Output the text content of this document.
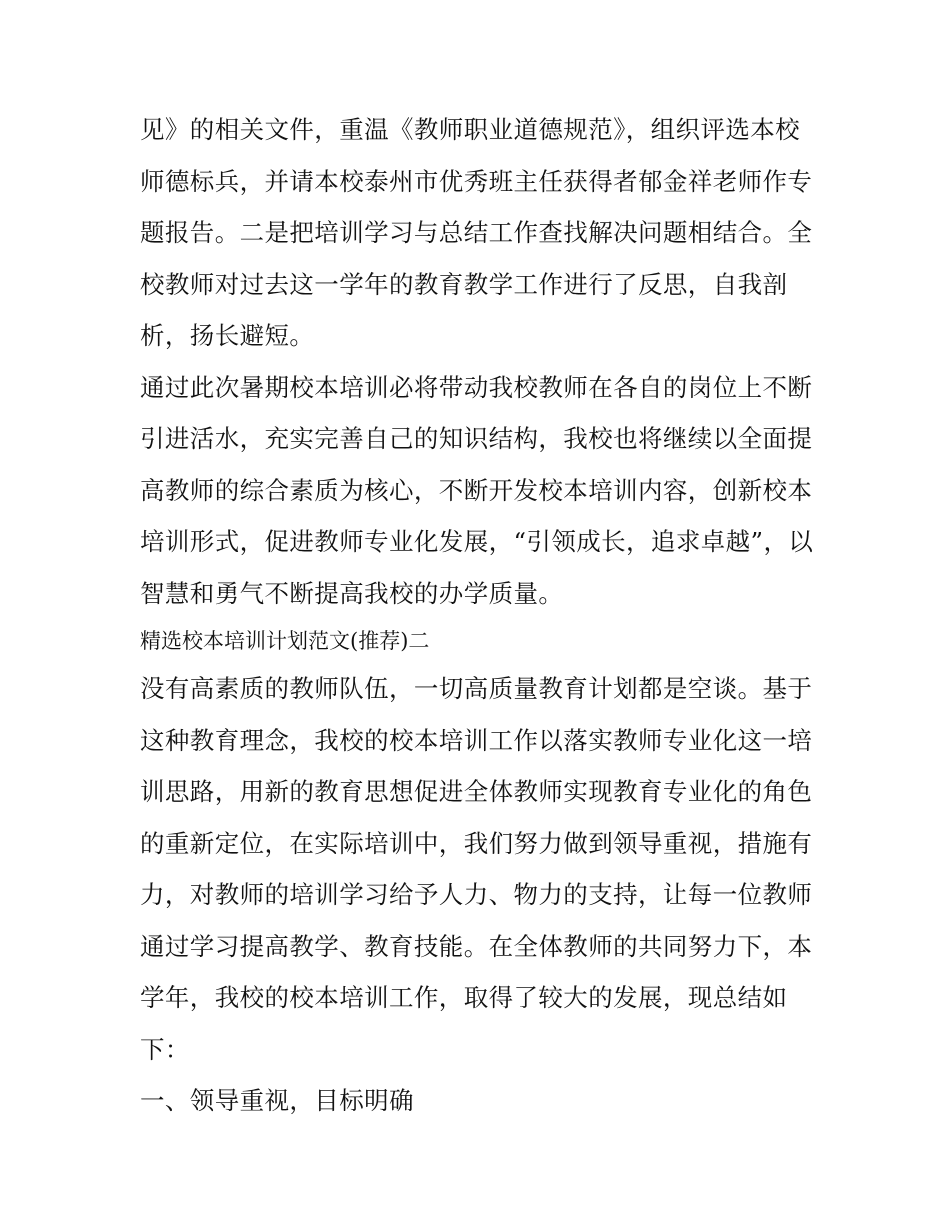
见》的相关文件，重温《教师职业道德规范》，组织评选本校
师德标兵，并请本校泰州市优秀班主任获得者郁金祥老师作专
题报告。二是把培训学习与总结工作查找解决问题相结合。全
校教师对过去这一学年的教育教学工作进行了反思，自我剖
析，扬长避短。
通过此次暑期校本培训必将带动我校教师在各自的岗位上不断
引进活水，充实完善自己的知识结构，我校也将继续以全面提
高教师的综合素质为核心，不断开发校本培训内容，创新校本
培训形式，促进教师专业化发展，“引领成长，追求卓越”，以
智慧和勇气不断提高我校的办学质量。
精选校本培训计划范文(推荐)二
没有高素质的教师队伍，一切高质量教育计划都是空谈。基于
这种教育理念，我校的校本培训工作以落实教师专业化这一培
训思路，用新的教育思想促进全体教师实现教育专业化的角色
的重新定位，在实际培训中，我们努力做到领导重视，措施有
力，对教师的培训学习给予人力、物力的支持，让每一位教师
通过学习提高教学、教育技能。在全体教师的共同努力下，本
学年，我校的校本培训工作，取得了较大的发展，现总结如
下：
一、领导重视，目标明确
